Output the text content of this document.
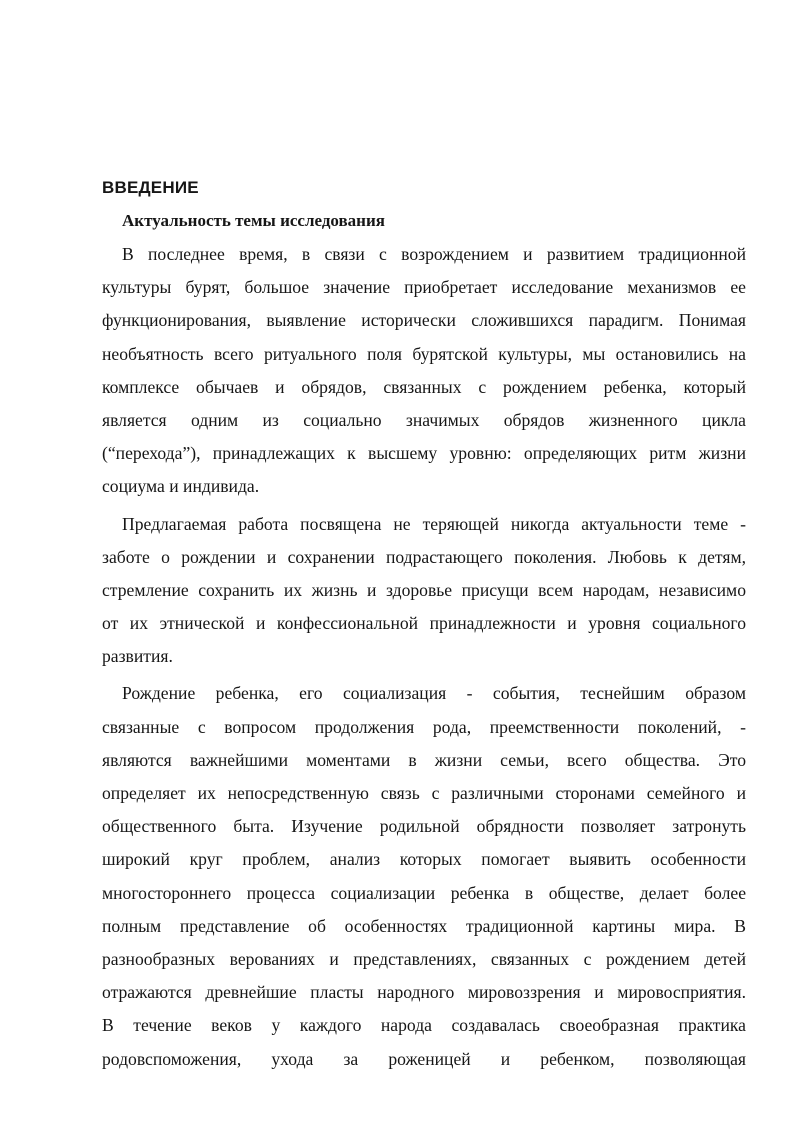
ВВЕДЕНИЕ
Актуальность темы исследования

В последнее время, в связи с возрождением и развитием традиционной
культуры бурят, большое значение приобретает исследование механизмов ее
функционирования, выявление исторически сложившихся парадигм. Понимая
необъятность всего ритуального поля бурятской культуры, мы остановились на
комплексе обычаев и обрядов, связанных с рождением ребенка, который
является одним из социально значимых обрядов жизненного цикла
(“перехода”), принадлежащих к высшему уровню: определяющих ритм жизни
социума и индивида.

Предлагаемая работа посвящена не теряющей никогда актуальности теме -
заботе о рождении и сохранении подрастающего поколения. Любовь к детям,
стремление сохранить их жизнь и здоровье присущи всем народам, независимо
от их этнической и конфессиональной принадлежности и уровня социального
развития.

Рождение ребенка, его социализация - события, теснейшим образом
связанные с вопросом продолжения рода, преемственности поколений, -
являются важнейшими моментами в жизни семьи, всего общества. Это
определяет их непосредственную связь с различными сторонами семейного и
общественного быта. Изучение родильной обрядности позволяет затронуть
широкий круг проблем, анализ которых помогает выявить особенности
многостороннего процесса социализации ребенка в обществе, делает более
полным представление об особенностях традиционной картины мира. В
разнообразных верованиях и представлениях, связанных с рождением детей
отражаются древнейшие пласты народного мировоззрения и мировосприятия.
В течение веков у каждого народа создавалась своеобразная практика
родовспоможения, ухода за роженицей и ребенком, позволяющая
